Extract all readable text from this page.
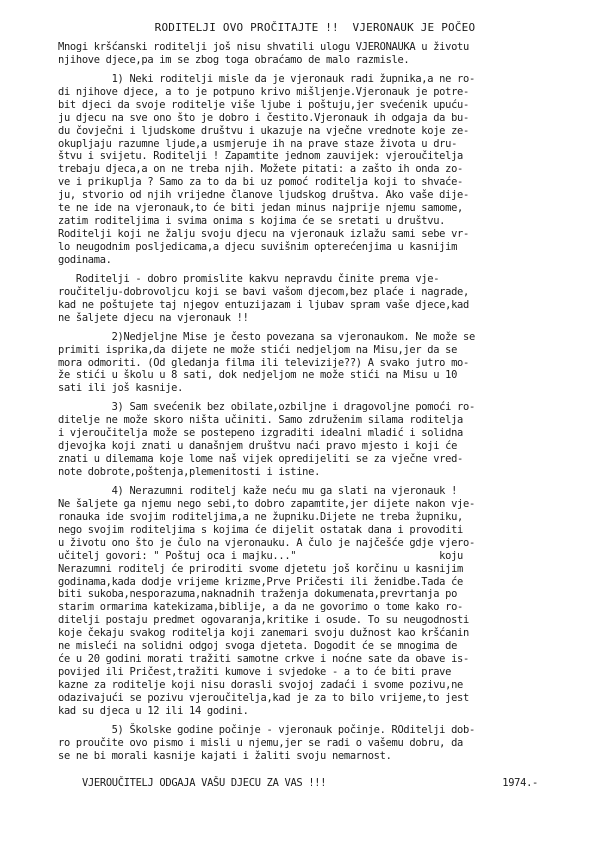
RODITELJI OVO PROČITAJTE !!  VJERONAUK JE POČEO
Mnogi kršćanski roditelji još nisu shvatili ulogu VJERONAUKA u životu
njihove djece,pa im se zbog toga obraćamo de malo razmisle.
1) Neki roditelji misle da je vjeronauk radi župnika,a ne ro-
di njihove djece, a to je potpuno krivo mišljenje.Vjeronauk je potre-
bit djeci da svoje roditelje više ljube i poštuju,jer svećenik upuću-
ju djecu na sve ono što je dobro i čestito.Vjeronauk ih odgaja da bu-
du čovječni i ljudskome društvu i ukazuje na vječne vrednote koje ze-
okupljaju razumne ljude,a usmjeruje ih na prave staze života u dru-
štvu i svijetu. Roditelji ! Zapamtite jednom zauvijek: vjeroučitelja
trebaju djeca,a on ne treba njih. Možete pitati: a zašto ih onda zo-
ve i prikuplja ? Samo za to da bi uz pomoć roditelja koji to shvaće-
ju, stvorio od njih vrijedne članove ljudskog društva. Ako vaše dije-
te ne ide na vjeronauk,to će biti jedan minus najprije njemu samome,
zatim roditeljima i svima onima s kojima će se sretati u društvu.
Roditelji koji ne žalju svoju djecu na vjeronauk izlažu sami sebe vr-
lo neugodnim posljedicama,a djecu suvišnim opterećenjima u kasnijim
godinama.
Roditelji - dobro promislite kakvu nepravdu činite prema vje-
roučitelju-dobrovoljcu koji se bavi vašom djecom,bez plaće i nagrade,
kad ne poštujete taj njegov entuzijazam i ljubav spram vaše djece,kad
ne šaljete djecu na vjeronauk !!
2)Nedjeljne Mise je često povezana sa vjeronaukom. Ne može se
primiti isprika,da dijete ne može stići nedjeljom na Misu,jer da se
mora odmoriti. (Od gledanja filma ili televizije??) A svako jutro mo-
že stići u školu u 8 sati, dok nedjeljom ne može stići na Misu u 10
sati ili još kasnije.
3) Sam svećenik bez obilate,ozbiljne i dragovoljne pomoći ro-
ditelje ne može skoro ništa učiniti. Samo združenim silama roditelja
i vjeroučitelja može se postepeno izgraditi idealni mladić i solidna
djevojka koji znati u današnjem društvu naći pravo mjesto i koji će
znati u dilemama koje lome naš vijek opredijeliti se za vječne vred-
note dobrote,poštenja,plemenitosti i istine.
4) Nerazumni roditelj kaže neću mu ga slati na vjeronauk !
Ne šaljete ga njemu nego sebi,to dobro zapamtite,jer dijete nakon vje-
ronauka ide svojim roditeljima,a ne župniku.Dijete ne treba župniku,
nego svojim roditeljima s kojima će dijelit ostatak dana i provoditi
u životu ono što je čulo na vjeronauku. A čulo je najčešće gdje vjero-
učitelj govori: " Poštuj oca i majku..."                        koju
Nerazumni roditelj će priroditi svome djetetu još korčinu u kasnijim
godinama,kada dodje vrijeme krizme,Prve Pričesti ili ženidbe.Tada će
biti sukoba,nesporazuma,naknadnih traženja dokumenata,prevrtanja po
starim ormarima katekizama,biblije, a da ne govorimo o tome kako ro-
ditelji postaju predmet ogovaranja,kritike i osude. To su neugodnosti
koje čekaju svakog roditelja koji zanemari svoju dužnost kao kršćanin
ne misleći na solidni odgoj svoga djeteta. Dogodit će se mnogima de
će u 20 godini morati tražiti samotne crkve i noćne sate da obave is-
povijed ili Pričest,tražiti kumove i svjedoke - a to će biti prave
kazne za roditelje koji nisu dorasli svojoj zadaći i svome pozivu,ne
odazivajući se pozivu vjeroučitelja,kad je za to bilo vrijeme,to jest
kad su djeca u 12 ili 14 godini.
5) Školske godine počinje - vjeronauk počinje. ROditelji dob-
ro proučite ovo pismo i misli u njemu,jer se radi o vašemu dobru, da
se ne bi morali kasnije kajati i žaliti svoju nemarnost.
VJEROUČITELJ ODGAJA VAŠU DJECU ZA VAS !!!	1974.-
